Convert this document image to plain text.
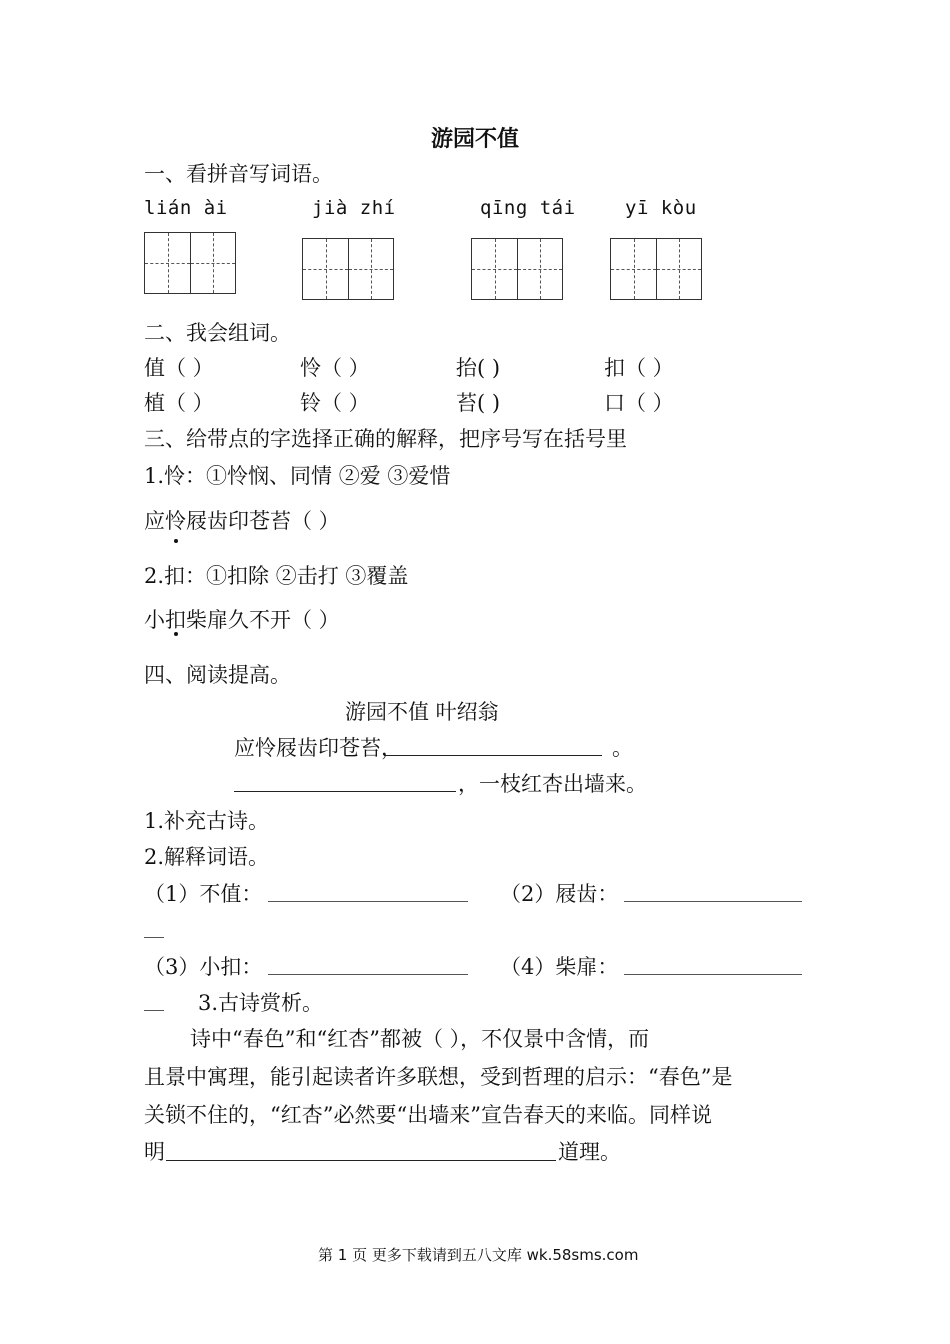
游园不值
一、看拼音写词语。
lián ài	jià zhí	qīng tái	yī kòu
二、我会组词。
值（ ）	怜（ ）	抬( )	扣（ ）
植（ ）	铃（ ）	苔( )	口（ ）
三、给带点的字选择正确的解释，把序号写在括号里
1.怜：①怜悯、同情 ②爱 ③爱惜
应怜屐齿印苍苔（ ）
2.扣：①扣除 ②击打 ③覆盖
小扣柴扉久不开（ ）
四、阅读提高。
游园不值 叶绍翁
应怜屐齿印苍苔，	。
，一枝红杏出墙来。
1.补充古诗。
2.解释词语。
（1）不值：	（2）屐齿：
（3）小扣：	（4）柴扉：
3.古诗赏析。
诗中“春色”和“红杏”都被（ ），不仅景中含情，而
且景中寓理，能引起读者许多联想，受到哲理的启示：“春色”是
关锁不住的，“红杏”必然要“出墙来”宣告春天的来临。同样说
明	道理。
第 1 页 更多下载请到五八文库 wk.58sms.com
